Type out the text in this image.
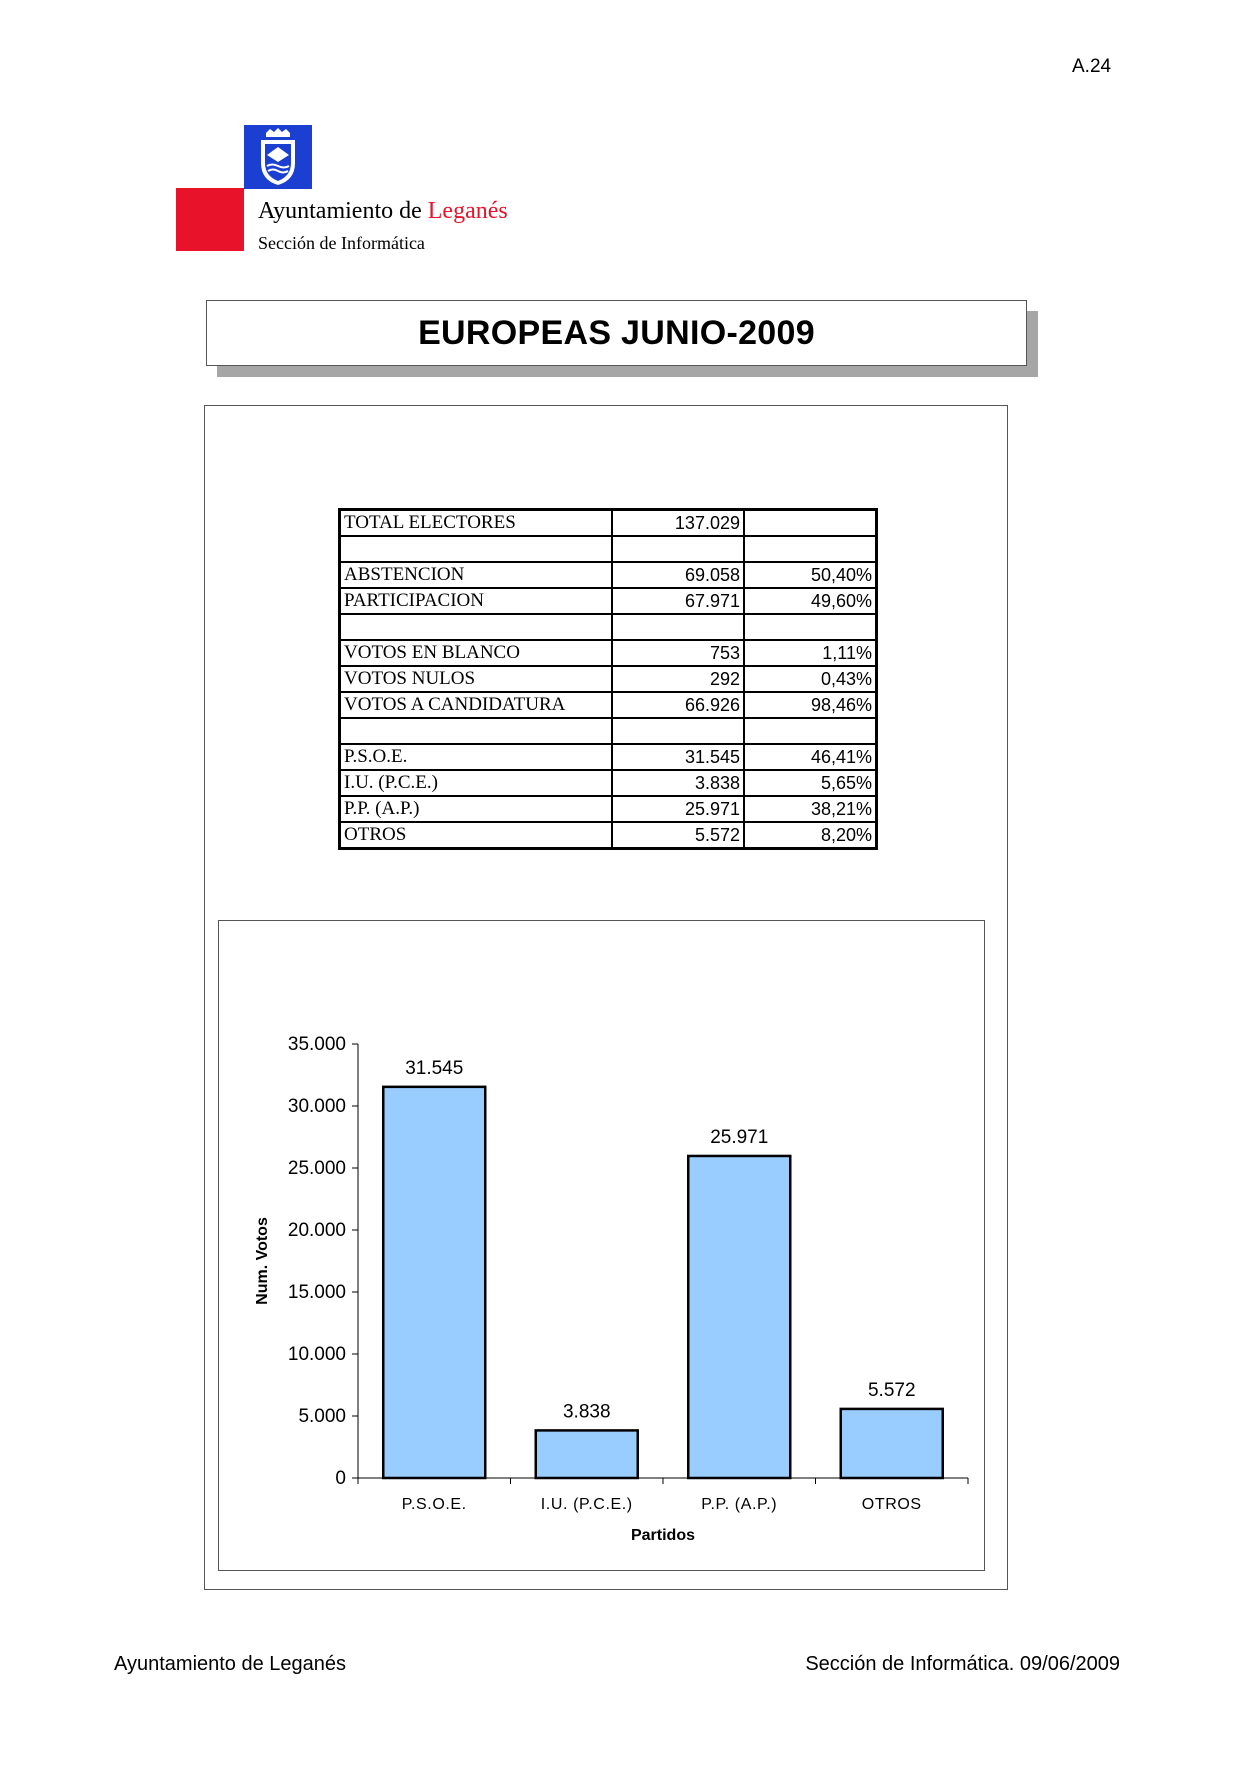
A.24
Ayuntamiento de Leganés
Sección de Informática
EUROPEAS JUNIO-2009
TOTAL ELECTORES	137.029	

ABSTENCION	69.058	50,40%
PARTICIPACION	67.971	49,60%

VOTOS EN BLANCO	753	1,11%
VOTOS NULOS	292	0,43%
VOTOS A CANDIDATURA	66.926	98,46%

P.S.O.E.	31.545	46,41%
I.U. (P.C.E.)	3.838	5,65%
P.P. (A.P.)	25.971	38,21%
OTROS	5.572	8,20%
0
5.000
10.000
15.000
20.000
25.000
30.000
35.000
31.545
P.S.O.E.
3.838
I.U. (P.C.E.)
25.971
P.P. (A.P.)
5.572
OTROS
Partidos
Num. Votos
Ayuntamiento de Leganés	Sección de Informática. 09/06/2009
